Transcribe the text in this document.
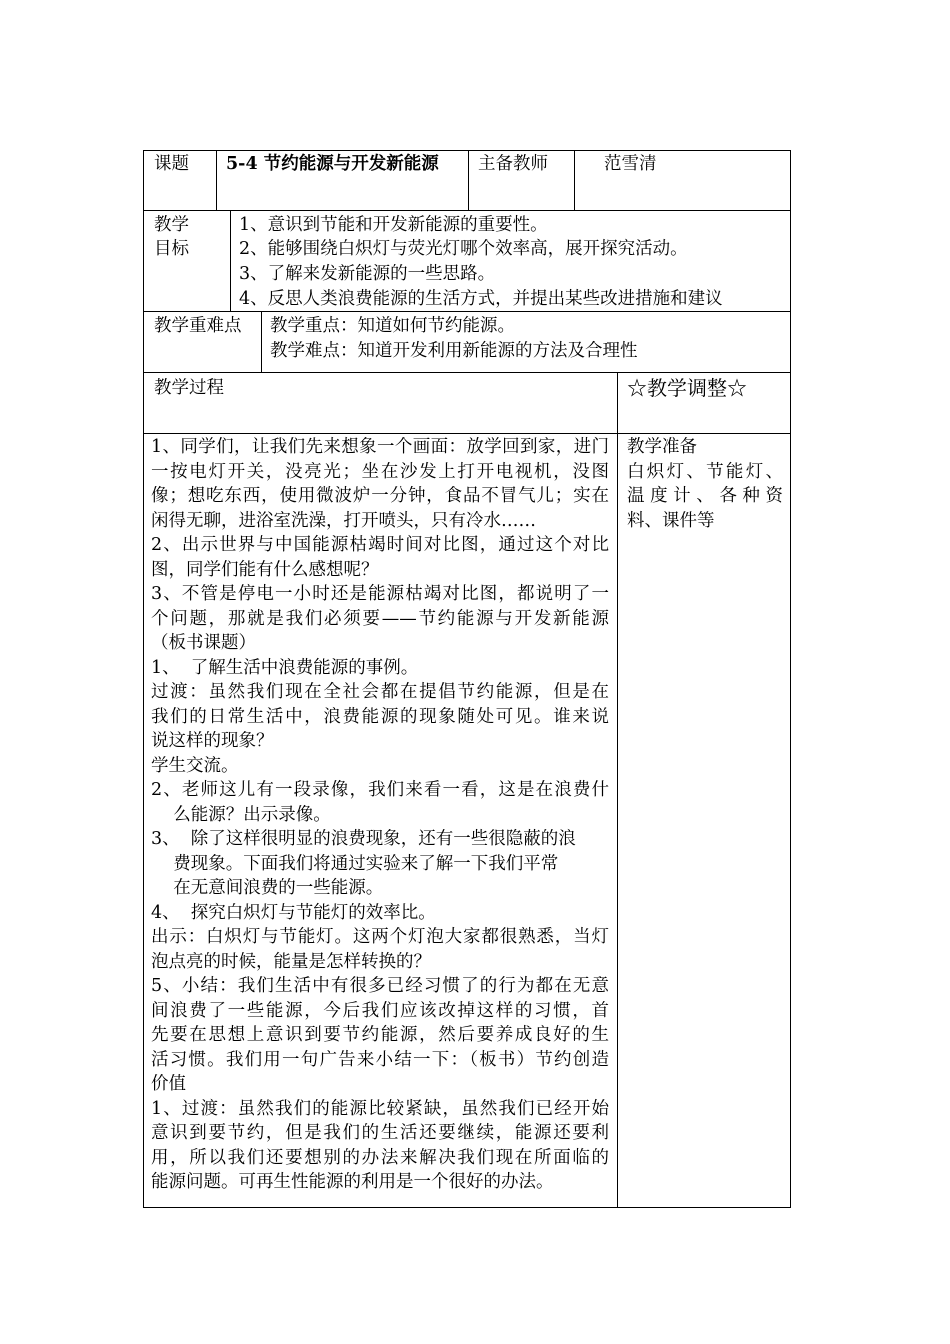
课题 5-4 节约能源与开发新能源 主备教师	范雪清
教学
目标
1、意识到节能和开发新能源的重要性。
2、能够围绕白炽灯与荧光灯哪个效率高，展开探究活动。
3、了解来发新能源的一些思路。
4、反思人类浪费能源的生活方式，并提出某些改进措施和建议
教学重难点 教学重点：知道如何节约能源。
教学难点：知道开发利用新能源的方法及合理性
教学过程	☆教学调整☆
1、同学们，让我们先来想象一个画面：放学回到家，进门
一按电灯开关，没亮光；坐在沙发上打开电视机，没图
像；想吃东西，使用微波炉一分钟，食品不冒气儿；实在
闲得无聊，进浴室洗澡，打开喷头，只有冷水……
2、出示世界与中国能源枯竭时间对比图，通过这个对比
图，同学们能有什么感想呢？
3、不管是停电一小时还是能源枯竭对比图，都说明了一
个问题，那就是我们必须要——节约能源与开发新能源
（板书课题）
1、  了解生活中浪费能源的事例。
过渡：虽然我们现在全社会都在提倡节约能源，但是在
我们的日常生活中，浪费能源的现象随处可见。谁来说
说这样的现象？
学生交流。
2、老师这儿有一段录像，我们来看一看，这是在浪费什
么能源？出示录像。
3、  除了这样很明显的浪费现象，还有一些很隐蔽的浪
费现象。下面我们将通过实验来了解一下我们平常
在无意间浪费的一些能源。
4、  探究白炽灯与节能灯的效率比。
出示：白炽灯与节能灯。这两个灯泡大家都很熟悉，当灯
泡点亮的时候，能量是怎样转换的？
5、小结：我们生活中有很多已经习惯了的行为都在无意
间浪费了一些能源，今后我们应该改掉这样的习惯，首
先要在思想上意识到要节约能源，然后要养成良好的生
活习惯。我们用一句广告来小结一下：（板书）节约创造
价值
1、过渡：虽然我们的能源比较紧缺，虽然我们已经开始
意识到要节约，但是我们的生活还要继续，能源还要利
用，所以我们还要想别的办法来解决我们现在所面临的
能源问题。可再生性能源的利用是一个很好的办法。
教学准备
白炽灯、节能灯、
温度计、各种资
料、课件等
